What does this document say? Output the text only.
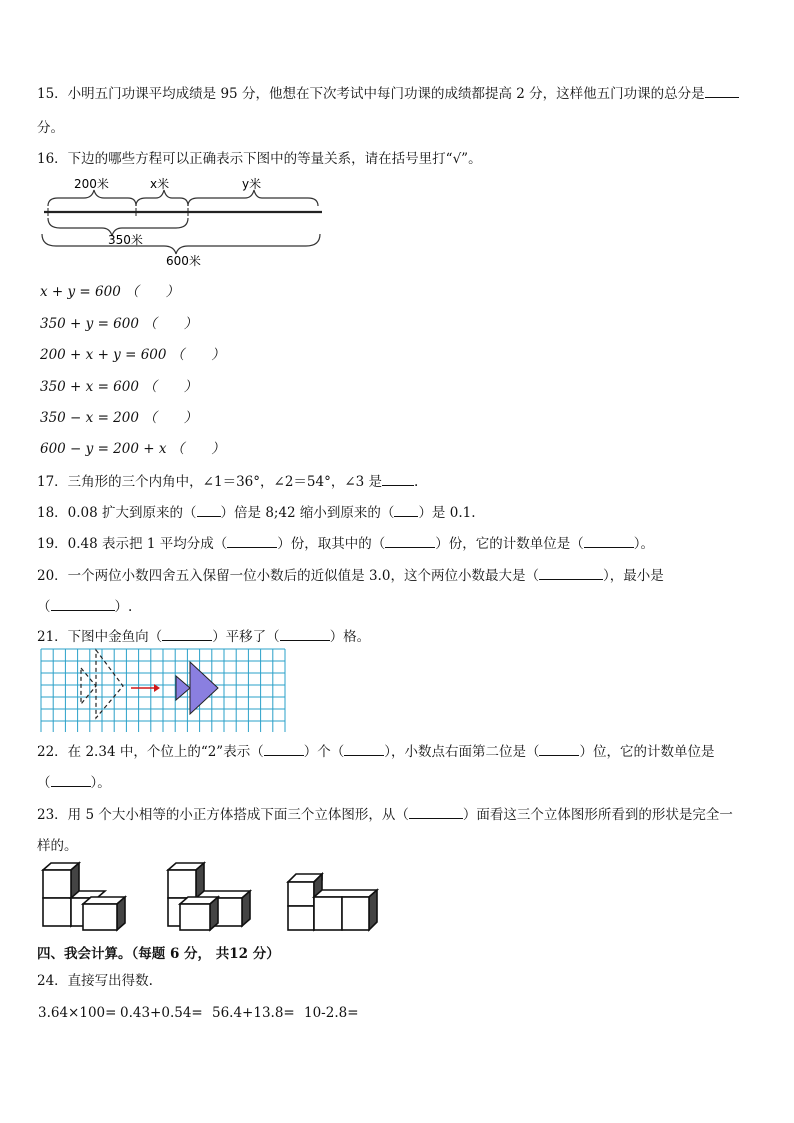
15．小明五门功课平均成绩是 95 分，他想在下次考试中每门功课的成绩都提高 2 分，这样他五门功课的总分是
分。
16．下边的哪些方程可以正确表示下图中的等量关系，请在括号里打“√”。
200米	x米	y米
350米
600米
x + y = 600 （　　）
350 + y = 600 （　　）
200 + x + y = 600 （　　）
350 + x = 600 （　　）
350 − x = 200 （　　）
600 − y = 200 + x （　　）
17．三角形的三个内角中，∠1＝36°，∠2＝54°，∠3 是 .
18．0.08 扩大到原来的（ ）倍是 8;42 缩小到原来的（ ）是 0.1.
19．0.48 表示把 1 平均分成（	）份，取其中的（	）份，它的计数单位是（	）。
20．一个两位小数四舍五入保留一位小数后的近似值是 3.0，这个两位小数最大是（	），最小是
（	）.
21．下图中金鱼向（	）平移了（	）格。
22．在 2.34 中，个位上的“2”表示（	）个（	），小数点右面第二位是（	）位，它的计数单位是
（	）。
23．用 5 个大小相等的小正方体搭成下面三个立体图形，从（	）面看这三个立体图形所看到的形状是完全一
样的。
四、我会计算。（每题 6 分， 共12 分）
24．直接写出得数.
3.64×100= 0.43+0.54= 56.4+13.8= 10-2.8=
